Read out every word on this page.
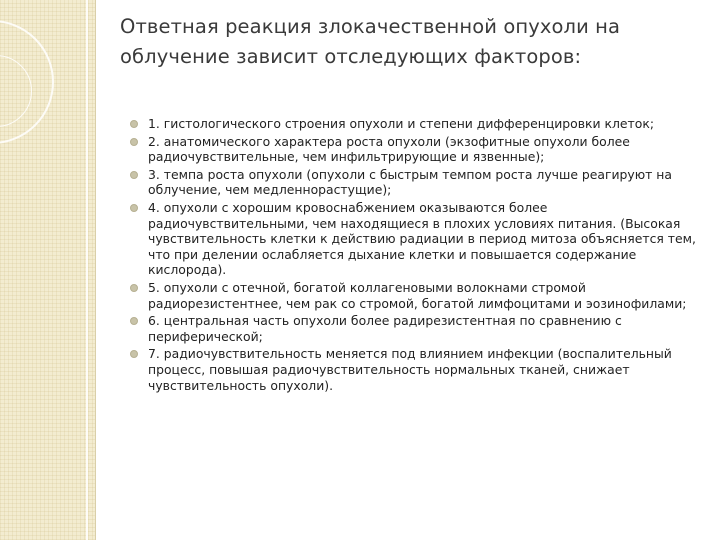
Ответная реакция злокачественной опухоли на облучение зависит отследующих факторов:
1. гистологического строения опухоли и степени дифференцировки клеток;
2. анатомического характера роста опухоли (экзофитные опухоли более радиочувствительные, чем инфильтрирующие и язвенные);
3. темпа роста опухоли (опухоли с быстрым темпом роста лучше реагируют на облучение, чем медленнорастущие);
4. опухоли с хорошим кровоснабжением оказываются более радиочувствительными, чем находящиеся в плохих условиях питания. (Высокая чувствительность клетки к действию радиации в период митоза объясняется тем, что при делении ослабляется дыхание клетки и повышается содержание кислорода).
5. опухоли с отечной, богатой коллагеновыми волокнами стромой радиорезистентнее, чем рак со стромой, богатой лимфоцитами и эозинофилами;
6. центральная часть опухоли более радирезистентная по сравнению с периферической;
7. радиочувствительность меняется под влиянием инфекции (воспалительный процесс, повышая радиочувствительность нормальных тканей, снижает чувствительность опухоли).
